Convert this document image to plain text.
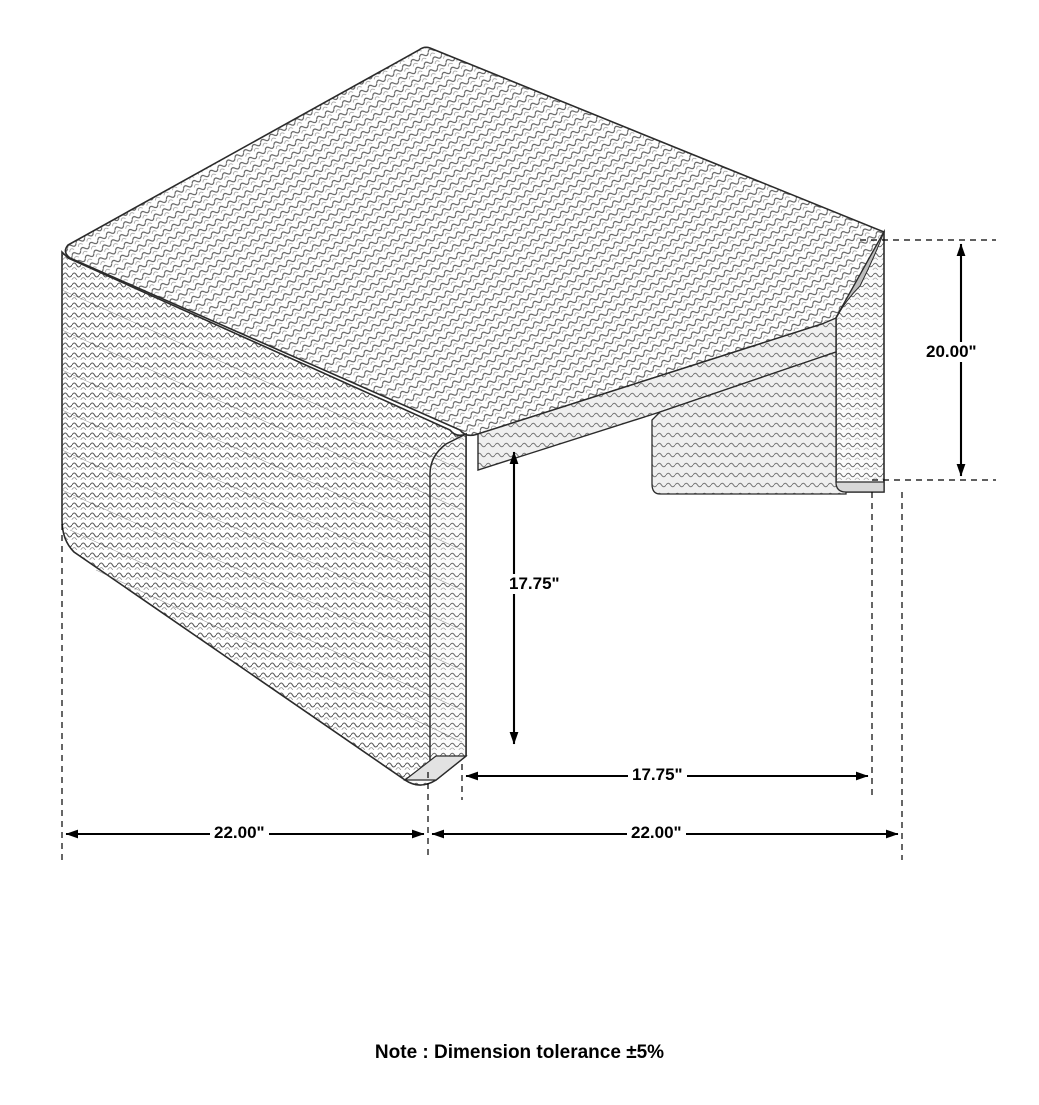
20.00"
17.75"
17.75"
22.00"	22.00"
Note : Dimension tolerance ±5%
